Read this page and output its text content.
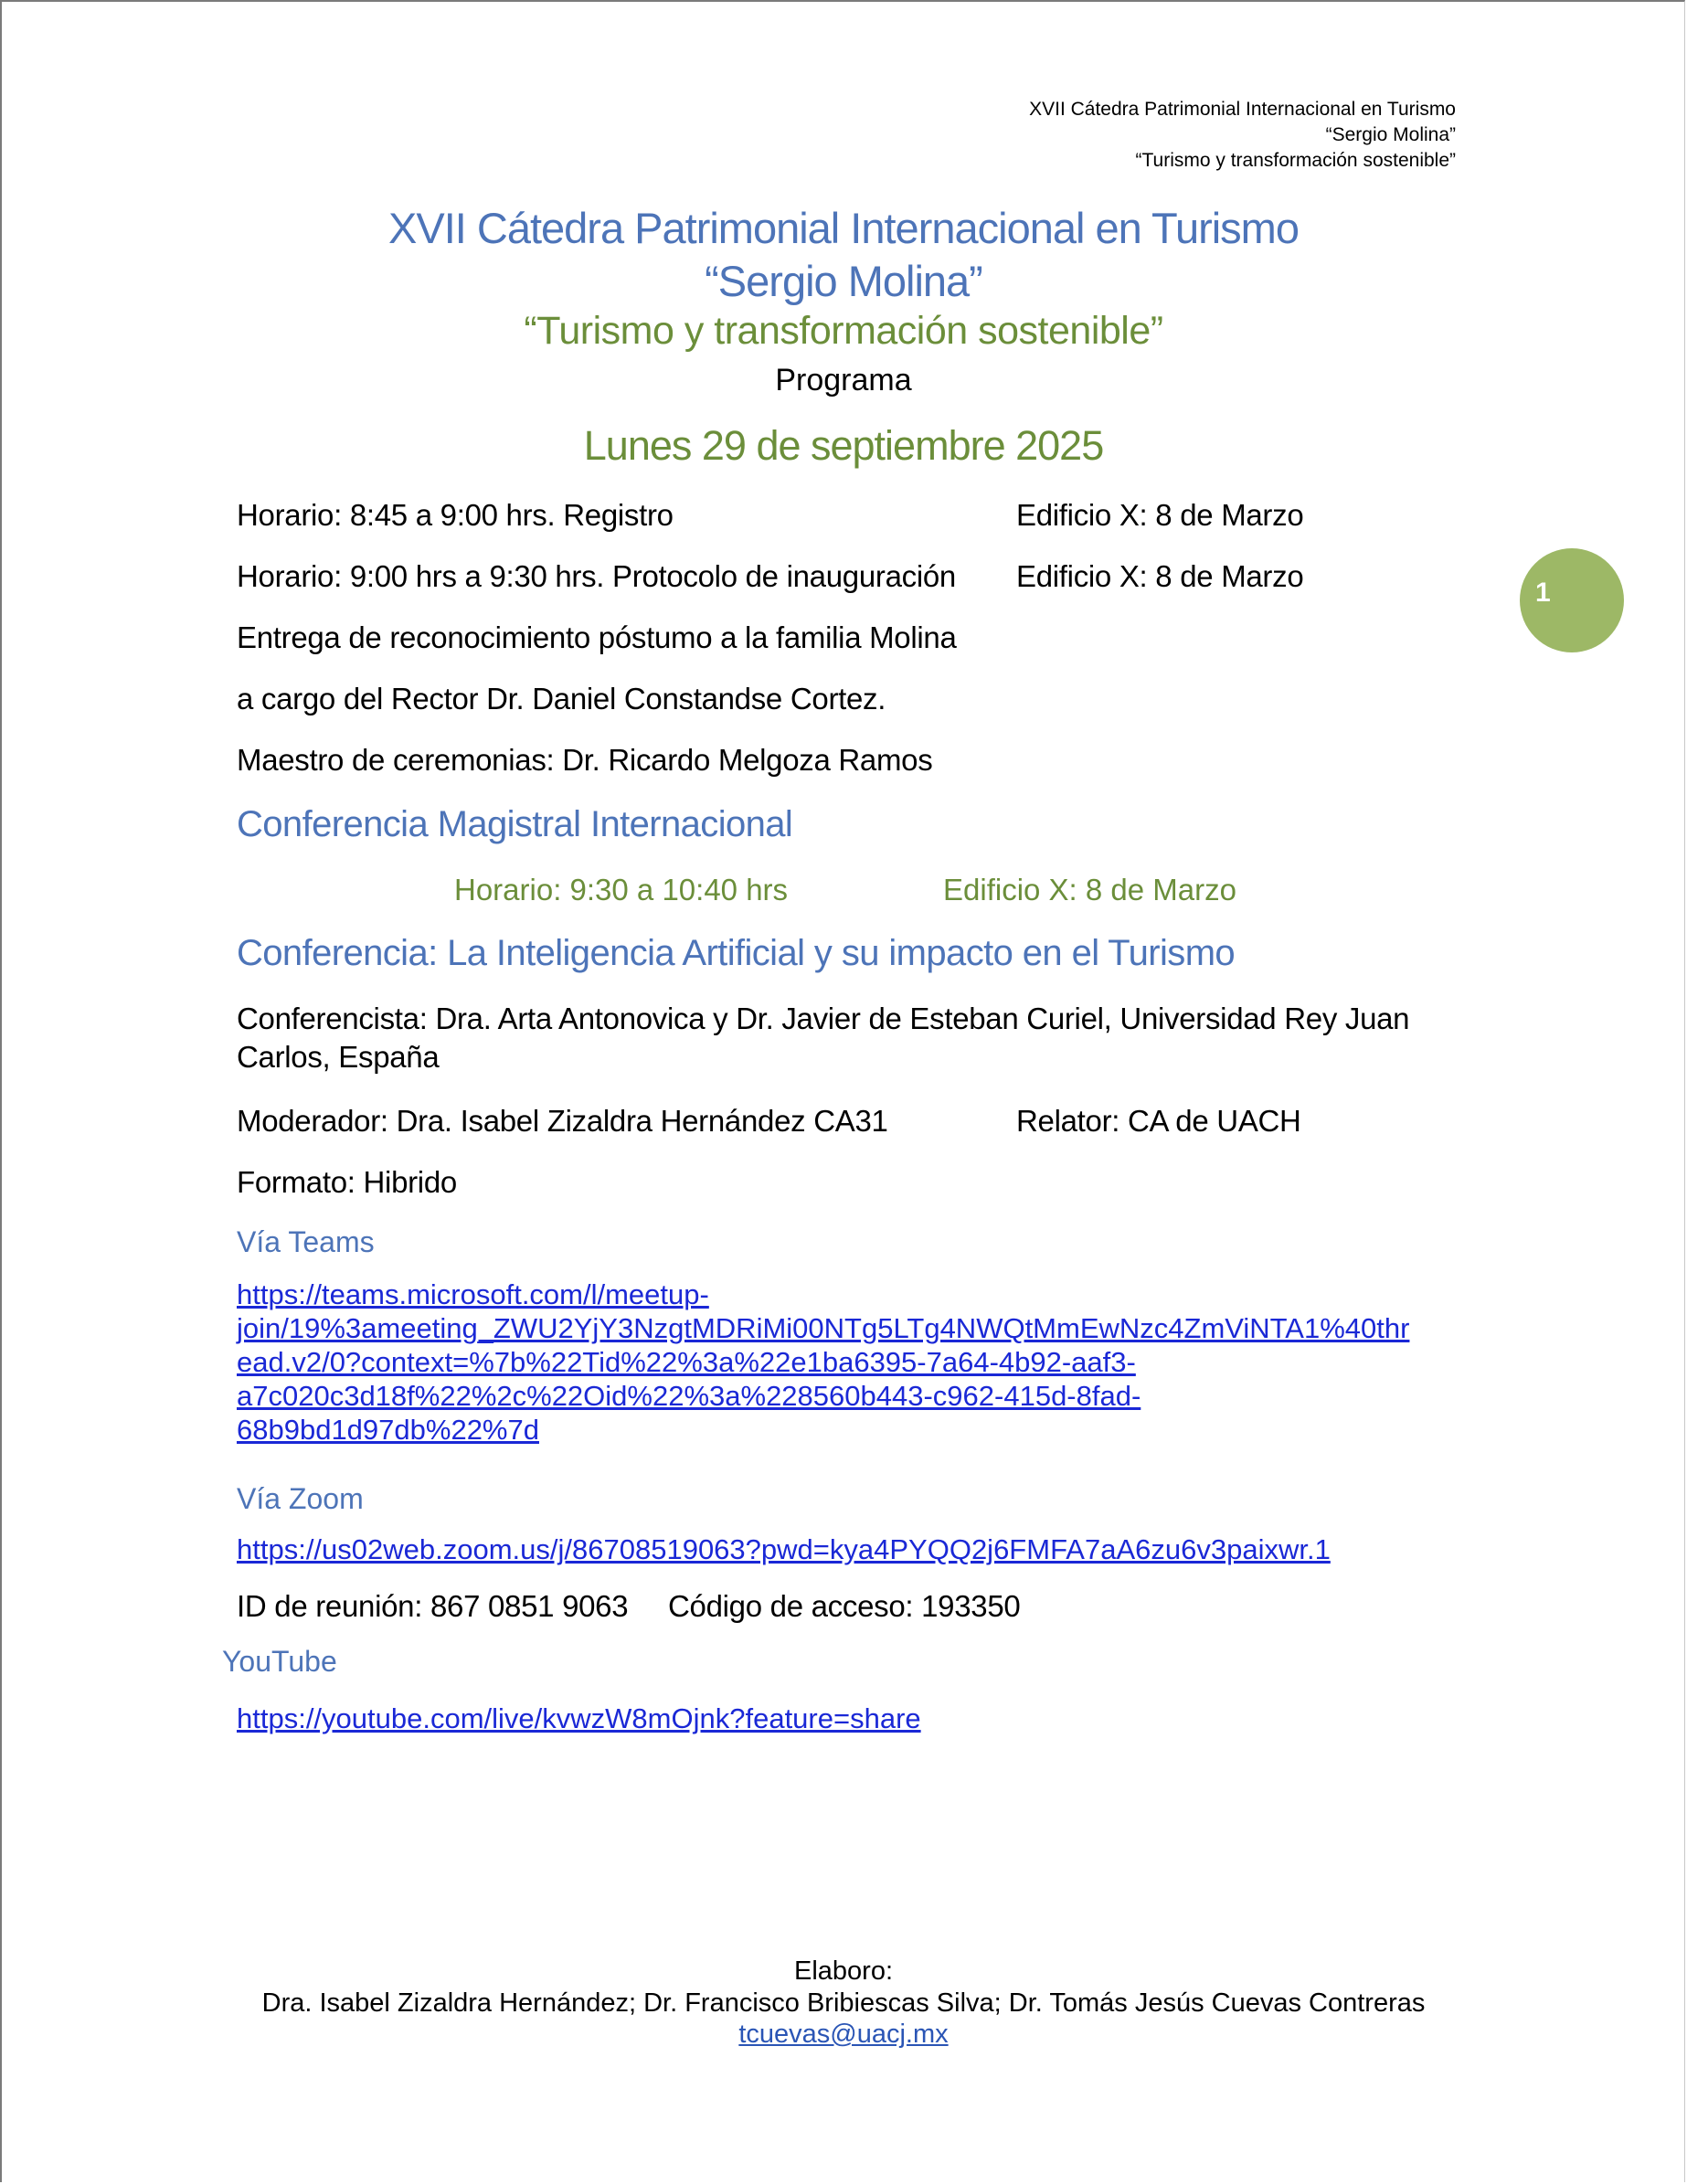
XVII Cátedra Patrimonial Internacional en Turismo
“Sergio Molina”
“Turismo y transformación sostenible”
1
XVII Cátedra Patrimonial Internacional en Turismo
“Sergio Molina”
“Turismo y transformación sostenible”
Programa
Lunes 29 de septiembre 2025
Horario: 8:45 a 9:00 hrs. Registro	Edificio X: 8 de Marzo
Horario: 9:00 hrs a 9:30 hrs. Protocolo de inauguración Edificio X: 8 de Marzo
Entrega de reconocimiento póstumo a la familia Molina
a cargo del Rector Dr. Daniel Constandse Cortez.
Maestro de ceremonias: Dr. Ricardo Melgoza Ramos
Conferencia Magistral Internacional
Horario: 9:30 a 10:40 hrs	Edificio X: 8 de Marzo
Conferencia: La Inteligencia Artificial y su impacto en el Turismo
Conferencista: Dra. Arta Antonovica y Dr. Javier de Esteban Curiel, Universidad Rey Juan
Carlos, España
Moderador: Dra. Isabel Zizaldra Hernández CA31	Relator: CA de UACH
Formato: Hibrido
Vía Teams
https://teams.microsoft.com/l/meetup-
join/19%3ameeting_ZWU2YjY3NzgtMDRiMi00NTg5LTg4NWQtMmEwNzc4ZmViNTA1%40thr
ead.v2/0?context=%7b%22Tid%22%3a%22e1ba6395-7a64-4b92-aaf3-
a7c020c3d18f%22%2c%22Oid%22%3a%228560b443-c962-415d-8fad-
68b9bd1d97db%22%7d
Vía Zoom
https://us02web.zoom.us/j/86708519063?pwd=kya4PYQQ2j6FMFA7aA6zu6v3paixwr.1
ID de reunión: 867 0851 9063 Código de acceso: 193350
YouTube
https://youtube.com/live/kvwzW8mOjnk?feature=share
Elaboro:
Dra. Isabel Zizaldra Hernández; Dr. Francisco Bribiescas Silva; Dr. Tomás Jesús Cuevas Contreras
tcuevas@uacj.mx
